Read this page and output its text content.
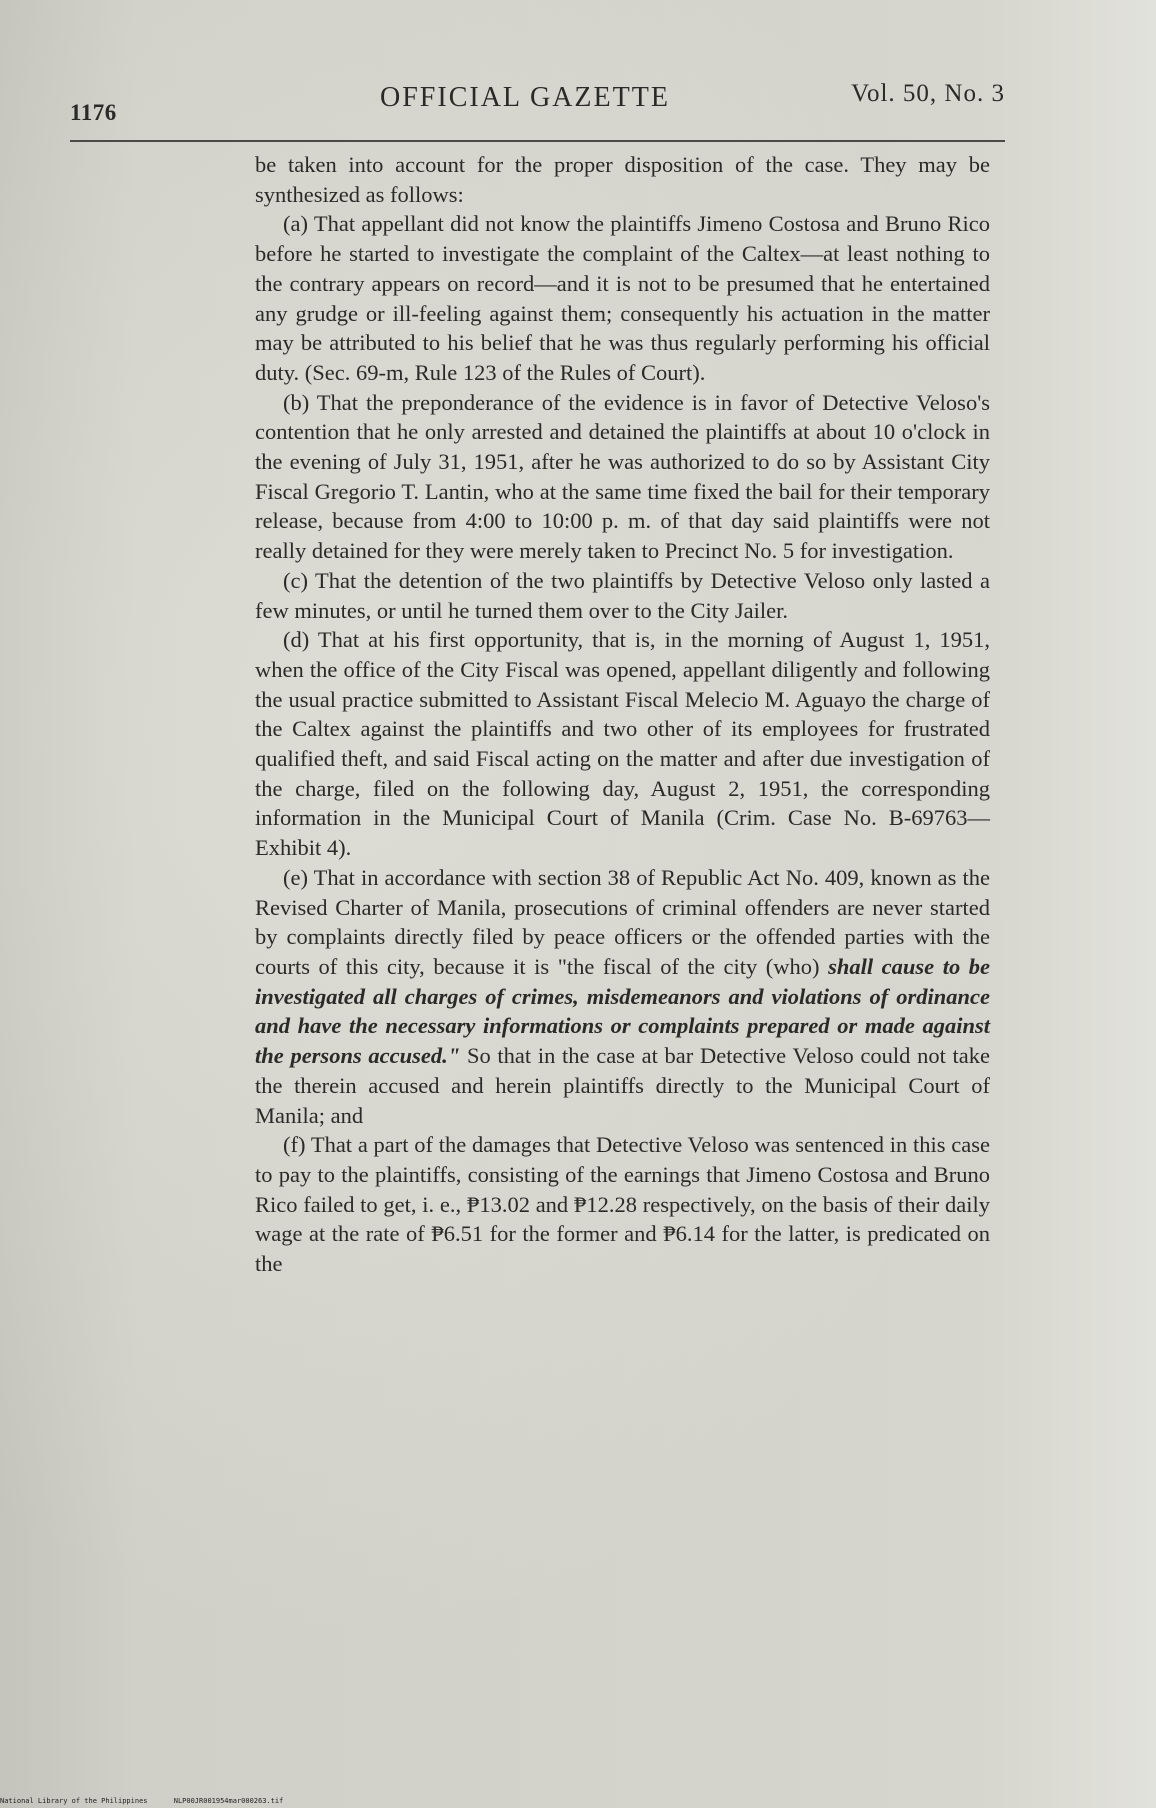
1176	OFFICIAL GAZETTE	Vol. 50, No. 3

be taken into account for the proper disposition of the case. They may be synthesized as follows:

(a) That appellant did not know the plaintiffs Jimeno Costosa and Bruno Rico before he started to investigate the complaint of the Caltex—at least nothing to the contrary appears on record—and it is not to be presumed that he entertained any grudge or ill-feeling against them; consequently his actuation in the matter may be attributed to his belief that he was thus regularly performing his official duty. (Sec. 69-m, Rule 123 of the Rules of Court).

(b) That the preponderance of the evidence is in favor of Detective Veloso's contention that he only arrested and detained the plaintiffs at about 10 o'clock in the evening of July 31, 1951, after he was authorized to do so by Assistant City Fiscal Gregorio T. Lantin, who at the same time fixed the bail for their temporary release, because from 4:00 to 10:00 p. m. of that day said plaintiffs were not really detained for they were merely taken to Precinct No. 5 for investigation.

(c) That the detention of the two plaintiffs by Detective Veloso only lasted a few minutes, or until he turned them over to the City Jailer.

(d) That at his first opportunity, that is, in the morning of August 1, 1951, when the office of the City Fiscal was opened, appellant diligently and following the usual practice submitted to Assistant Fiscal Melecio M. Aguayo the charge of the Caltex against the plaintiffs and two other of its employees for frustrated qualified theft, and said Fiscal acting on the matter and after due investigation of the charge, filed on the following day, August 2, 1951, the corresponding information in the Municipal Court of Manila (Crim. Case No. B-69763—Exhibit 4).

(e) That in accordance with section 38 of Republic Act No. 409, known as the Revised Charter of Manila, prosecutions of criminal offenders are never started by complaints directly filed by peace officers or the offended parties with the courts of this city, because it is "the fiscal of the city (who) shall cause to be investigated all charges of crimes, misdemeanors and violations of ordinance and have the necessary informations or complaints prepared or made against the persons accused." So that in the case at bar Detective Veloso could not take the therein accused and herein plaintiffs directly to the Municipal Court of Manila; and

(f) That a part of the damages that Detective Veloso was sentenced in this case to pay to the plaintiffs, consisting of the earnings that Jimeno Costosa and Bruno Rico failed to get, i. e., ₱13.02 and ₱12.28 respectively, on the basis of their daily wage at the rate of ₱6.51 for the former and ₱6.14 for the latter, is predicated on the

National Library of the Philippines	NLP00JR001954mar000263.tif
